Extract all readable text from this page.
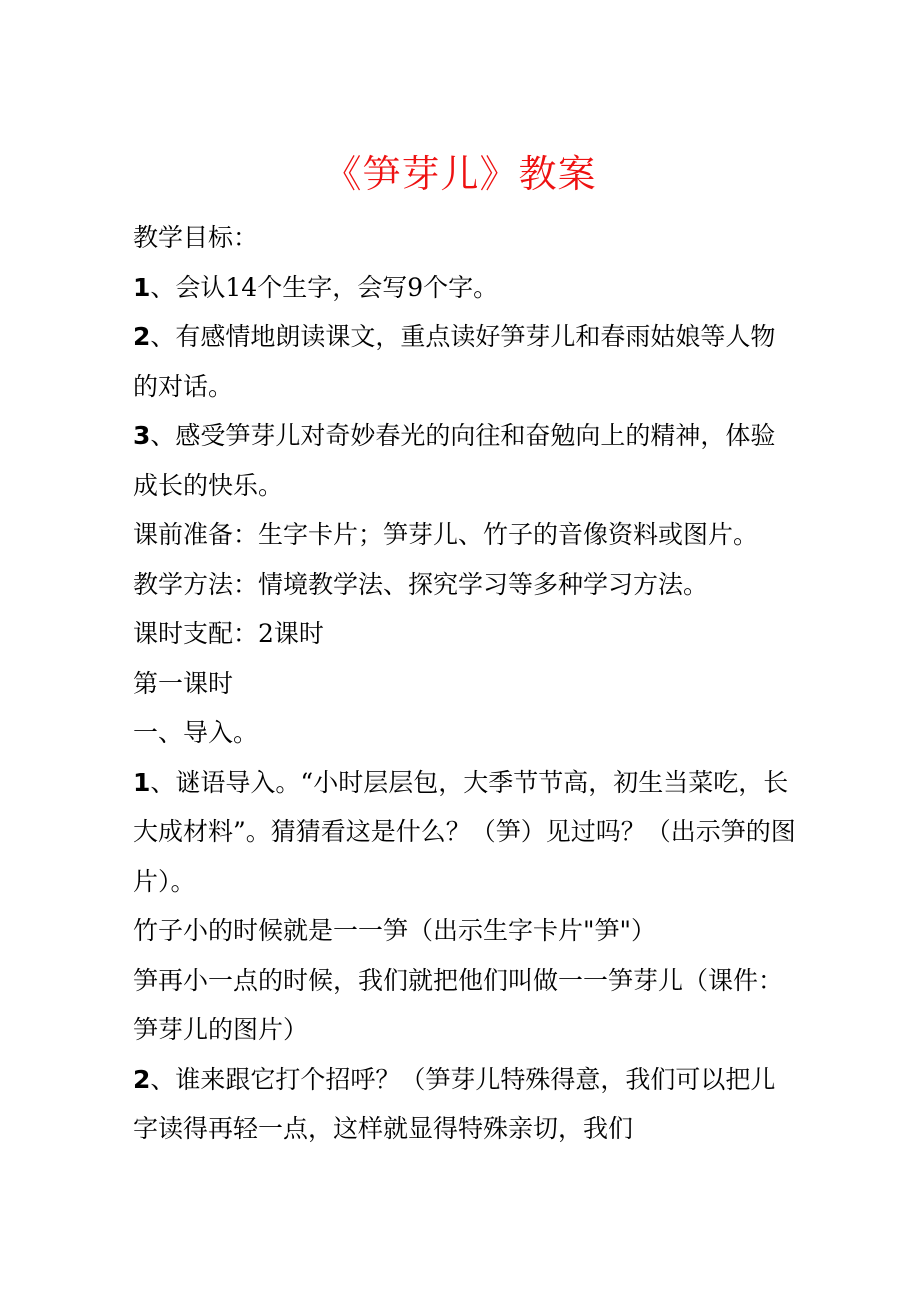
《笋芽儿》教案

教学目标：

1、会认14个生字，会写9个字。

2、有感情地朗读课文，重点读好笋芽儿和春雨姑娘等人物的对话。

3、感受笋芽儿对奇妙春光的向往和奋勉向上的精神，体验成长的快乐。

课前准备：生字卡片；笋芽儿、竹子的音像资料或图片。

教学方法：情境教学法、探究学习等多种学习方法。

课时支配：2课时

第一课时

一、导入。

1、谜语导入。“小时层层包，大季节节高，初生当菜吃，长大成材料”。猜猜看这是什么？（笋）见过吗？（出示笋的图片）。

竹子小的时候就是一一笋（出示生字卡片"笋"）

笋再小一点的时候，我们就把他们叫做一一笋芽儿（课件：笋芽儿的图片）

2、谁来跟它打个招呼？（笋芽儿特殊得意，我们可以把儿字读得再轻一点，这样就显得特殊亲切，我们
